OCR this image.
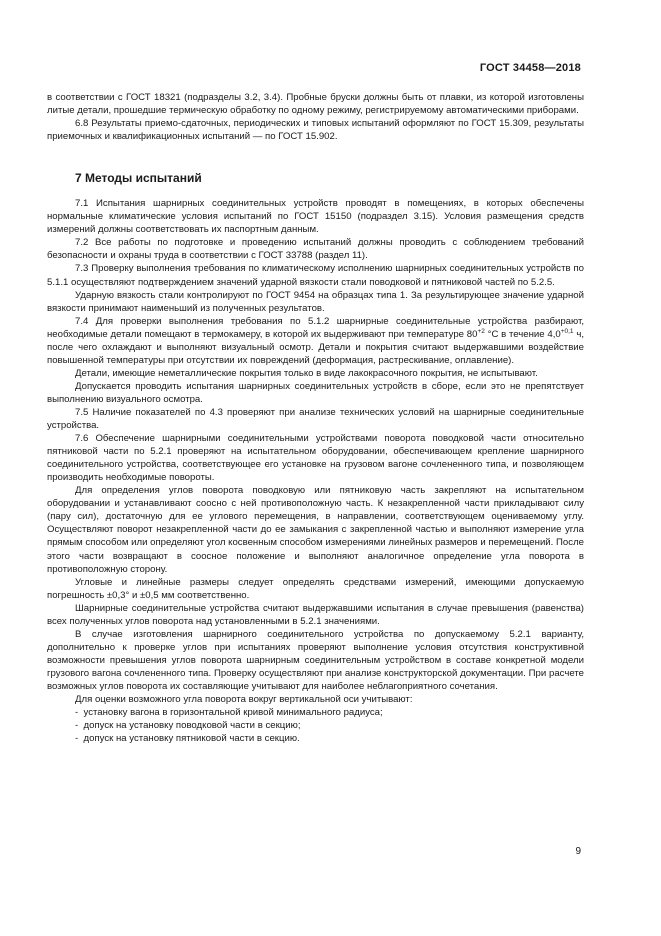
ГОСТ 34458—2018

в соответствии с ГОСТ 18321 (подразделы 3.2, 3.4). Пробные бруски должны быть от плавки, из которой изготовлены литые детали, прошедшие термическую обработку по одному режиму, регистрируемому автоматическими приборами.

6.8 Результаты приемо-сдаточных, периодических и типовых испытаний оформляют по ГОСТ 15.309, результаты приемочных и квалификационных испытаний — по ГОСТ 15.902.

7 Методы испытаний

7.1 Испытания шарнирных соединительных устройств проводят в помещениях, в которых обеспечены нормальные климатические условия испытаний по ГОСТ 15150 (подраздел 3.15). Условия размещения средств измерений должны соответствовать их паспортным данным.

7.2 Все работы по подготовке и проведению испытаний должны проводить с соблюдением требований безопасности и охраны труда в соответствии с ГОСТ 33788 (раздел 11).

7.3 Проверку выполнения требования по климатическому исполнению шарнирных соединительных устройств по 5.1.1 осуществляют подтверждением значений ударной вязкости стали поводковой и пятниковой частей по 5.2.5.

Ударную вязкость стали контролируют по ГОСТ 9454 на образцах типа 1. За результирующее значение ударной вязкости принимают наименьший из полученных результатов.

7.4 Для проверки выполнения требования по 5.1.2 шарнирные соединительные устройства разбирают, необходимые детали помещают в термокамеру, в которой их выдерживают при температуре $80^{+2}$ °С в течение $4,0^{+0,1}$ ч, после чего охлаждают и выполняют визуальный осмотр. Детали и покрытия считают выдержавшими воздействие повышенной температуры при отсутствии их повреждений (деформация, растрескивание, оплавление).

Детали, имеющие неметаллические покрытия только в виде лакокрасочного покрытия, не испытывают.

Допускается проводить испытания шарнирных соединительных устройств в сборе, если это не препятствует выполнению визуального осмотра.

7.5 Наличие показателей по 4.3 проверяют при анализе технических условий на шарнирные соединительные устройства.

7.6 Обеспечение шарнирными соединительными устройствами поворота поводковой части относительно пятниковой части по 5.2.1 проверяют на испытательном оборудовании, обеспечивающем крепление шарнирного соединительного устройства, соответствующее его установке на грузовом вагоне сочлененного типа, и позволяющем производить необходимые повороты.

Для определения углов поворота поводковую или пятниковую часть закрепляют на испытательном оборудовании и устанавливают соосно с ней противоположную часть. К незакрепленной части прикладывают силу (пару сил), достаточную для ее углового перемещения, в направлении, соответствующем оцениваемому углу. Осуществляют поворот незакрепленной части до ее замыкания с закрепленной частью и выполняют измерение угла прямым способом или определяют угол косвенным способом измерениями линейных размеров и перемещений. После этого части возвращают в соосное положение и выполняют аналогичное определение угла поворота в противоположную сторону.

Угловые и линейные размеры следует определять средствами измерений, имеющими допускаемую погрешность ±0,3° и ±0,5 мм соответственно.

Шарнирные соединительные устройства считают выдержавшими испытания в случае превышения (равенства) всех полученных углов поворота над установленными в 5.2.1 значениями.

В случае изготовления шарнирного соединительного устройства по допускаемому 5.2.1 варианту, дополнительно к проверке углов при испытаниях проверяют выполнение условия отсутствия конструктивной возможности превышения углов поворота шарнирным соединительным устройством в составе конкретной модели грузового вагона сочлененного типа. Проверку осуществляют при анализе конструкторской документации. При расчете возможных углов поворота их составляющие учитывают для наиболее неблагоприятного сочетания.

Для оценки возможного угла поворота вокруг вертикальной оси учитывают:

-  установку вагона в горизонтальной кривой минимального радиуса;
-  допуск на установку поводковой части в секцию;
-  допуск на установку пятниковой части в секцию.
9
